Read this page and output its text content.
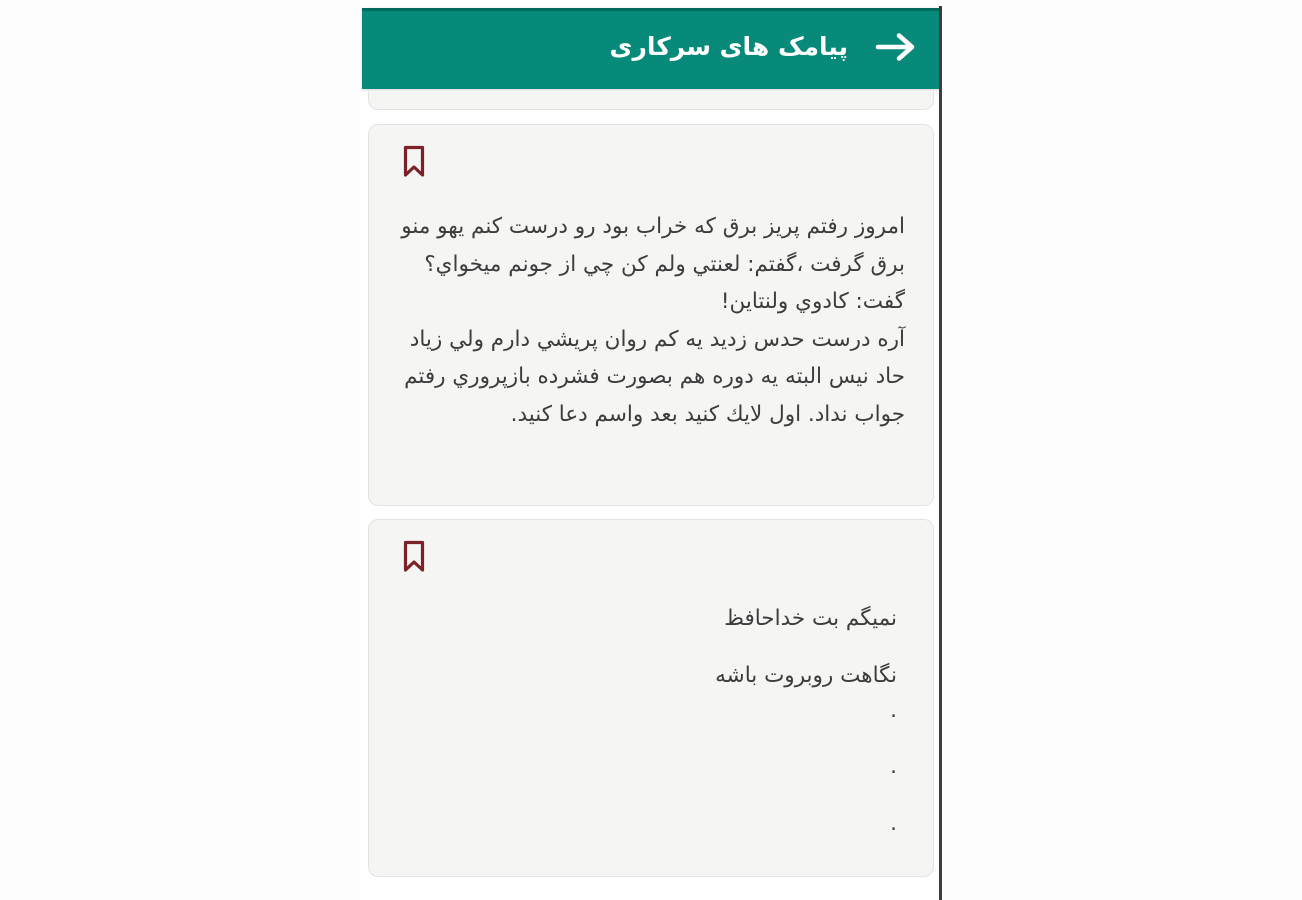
پیامک های سرکاری
امروز رفتم پریز برق که خراب بود رو درست کنم یهو منو
برق گرفت ،گفتم: لعنتي ولم کن چي از جونم ميخواي؟
گفت: کادوي ولنتاين!
آره درست حدس زديد يه کم روان پريشي دارم ولي زياد
حاد نيس البته يه دوره هم بصورت فشرده بازپروري رفتم
جواب نداد. اول لايك کنيد بعد واسم دعا کنيد.
نميگم بت خداحافظ
نگاهت روبروت باشه
.
.
.
